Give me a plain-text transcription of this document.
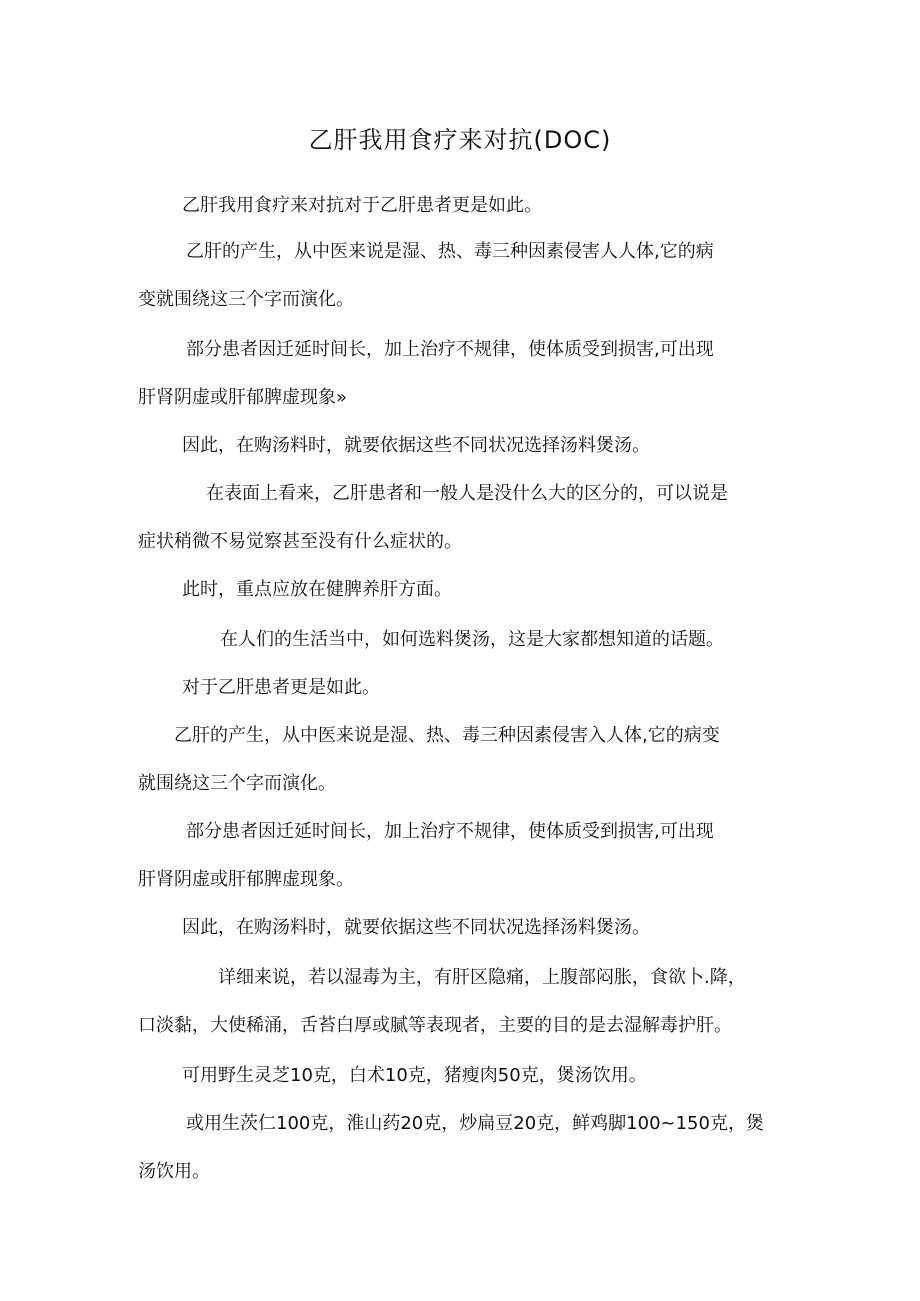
乙肝我用食疗来对抗(DOC)
乙肝我用食疗来对抗对于乙肝患者更是如此。
乙肝的产生，从中医来说是湿、热、毒三种因素侵害人人体,它的病
变就围绕这三个字而演化。
部分患者因迁延时间长，加上治疗不规律，使体质受到损害,可出现
肝肾阴虚或肝郁脾虚现象»
因此，在购汤料时，就要依据这些不同状况选择汤料煲汤。
在表面上看来，乙肝患者和一般人是没什么大的区分的，可以说是
症状稍微不易觉察甚至没有什么症状的。
此时，重点应放在健脾养肝方面。
在人们的生活当中，如何选料煲汤，这是大家都想知道的话题。
对于乙肝患者更是如此。
乙肝的产生，从中医来说是湿、热、毒三种因素侵害入人体,它的病变
就围绕这三个字而演化。
部分患者因迁延时间长，加上治疗不规律，使体质受到损害,可出现
肝肾阴虚或肝郁脾虚现象。
因此，在购汤料时，就要依据这些不同状况选择汤料煲汤。
详细来说，若以湿毒为主，有肝区隐痛，上腹部闷胀，食欲卜.降，
口淡黏，大使稀涌，舌苔白厚或腻等表现者，主要的目的是去湿解毒护肝。
可用野生灵芝10克，白术10克，猪瘦肉50克，煲汤饮用。
或用生茨仁100克，淮山药20克，炒扁豆20克，鲜鸡脚100~150克，煲
汤饮用。
